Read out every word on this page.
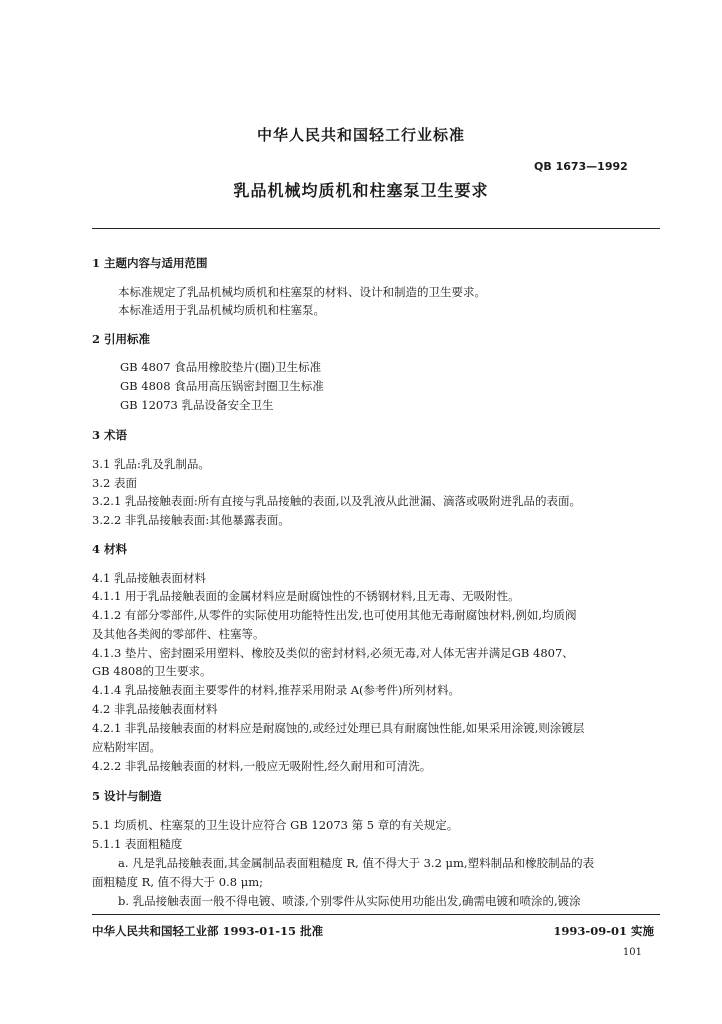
中华人民共和国轻工行业标准
QB 1673—1992
乳品机械均质机和柱塞泵卫生要求
1 主题内容与适用范围
本标准规定了乳品机械均质机和柱塞泵的材料、设计和制造的卫生要求。
本标准适用于乳品机械均质机和柱塞泵。
2 引用标准
GB 4807 食品用橡胶垫片(圈)卫生标准
GB 4808 食品用高压锅密封圈卫生标准
GB 12073 乳品设备安全卫生
3 术语
3.1 乳品:乳及乳制品。
3.2 表面
3.2.1 乳品接触表面:所有直接与乳品接触的表面,以及乳液从此泄漏、滴落或吸附进乳品的表面。
3.2.2 非乳品接触表面:其他暴露表面。
4 材料
4.1 乳品接触表面材料
4.1.1 用于乳品接触表面的金属材料应是耐腐蚀性的不锈钢材料,且无毒、无吸附性。
4.1.2 有部分零部件,从零件的实际使用功能特性出发,也可使用其他无毒耐腐蚀材料,例如,均质阀
及其他各类阀的零部件、柱塞等。
4.1.3 垫片、密封圈采用塑料、橡胶及类似的密封材料,必须无毒,对人体无害并满足GB 4807、
GB 4808的卫生要求。
4.1.4 乳品接触表面主要零件的材料,推荐采用附录 A(参考件)所列材料。
4.2 非乳品接触表面材料
4.2.1 非乳品接触表面的材料应是耐腐蚀的,或经过处理已具有耐腐蚀性能,如果采用涂镀,则涂镀层
应粘附牢固。
4.2.2 非乳品接触表面的材料,一般应无吸附性,经久耐用和可清洗。
5 设计与制造
5.1 均质机、柱塞泵的卫生设计应符合 GB 12073 第 5 章的有关规定。
5.1.1 表面粗糙度
a. 凡是乳品接触表面,其金属制品表面粗糙度 R, 值不得大于 3.2 μm,塑料制品和橡胶制品的表
面粗糙度 R, 值不得大于 0.8 μm;
b. 乳品接触表面一般不得电镀、喷漆,个别零件从实际使用功能出发,确需电镀和喷涂的,镀涂
中华人民共和国轻工业部 1993-01-15 批准	1993-09-01 实施
101
